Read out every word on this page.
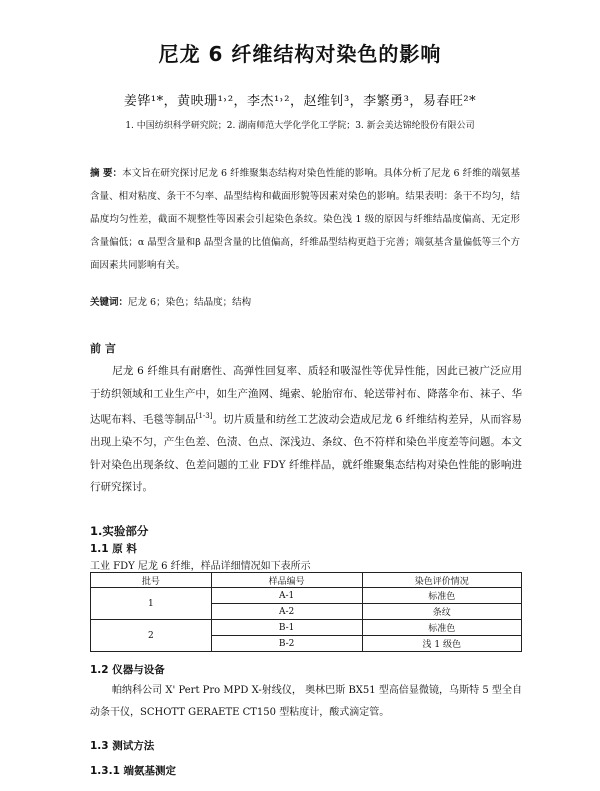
尼龙 6 纤维结构对染色的影响
姜铧¹*，黄映珊¹˒²，李杰¹˒²，赵维钊³，李繁勇³，易春旺²*
1. 中国纺织科学研究院；2. 湖南师范大学化学化工学院；3. 新会美达锦纶股份有限公司
摘 要：本文旨在研究探讨尼龙 6 纤维聚集态结构对染色性能的影响。具体分析了尼龙 6 纤维的端氨基含量、相对粘度、条干不匀率、晶型结构和截面形貌等因素对染色的影响。结果表明：条干不均匀，结晶度均匀性差，截面不规整性等因素会引起染色条纹。染色浅 1 级的原因与纤维结晶度偏高、无定形含量偏低；α 晶型含量和β 晶型含量的比值偏高，纤维晶型结构更趋于完善；端氨基含量偏低等三个方面因素共同影响有关。
关键词：尼龙 6；染色；结晶度；结构
前 言
尼龙 6 纤维具有耐磨性、高弹性回复率、质轻和吸湿性等优异性能，因此已被广泛应用于纺织领域和工业生产中，如生产渔网、绳索、轮胎帘布、轮送带衬布、降落伞布、袜子、华达呢布料、毛毯等制品[1-3]。切片质量和纺丝工艺波动会造成尼龙 6 纤维结构差异，从而容易出现上染不匀，产生色差、色渍、色点、深浅边、条纹、色不符样和染色半度差等问题。本文针对染色出现条纹、色差问题的工业 FDY 纤维样品，就纤维聚集态结构对染色性能的影响进行研究探讨。
1.实验部分
1.1 原 料
工业 FDY 尼龙 6 纤维，样品详细情况如下表所示
批号	样品编号	染色评价情况
1	A-1	标准色
	A-2	条纹
2	B-1	标准色
	B-2	浅 1 级色
1.2 仪器与设备
帕纳科公司 X' Pert Pro MPD X-射线仪， 奥林巴斯 BX51 型高倍显微镜，乌斯特 5 型全自动条干仪，SCHOTT GERAETE CT150 型粘度计，酸式滴定管。
1.3 测试方法
1.3.1 端氨基测定
